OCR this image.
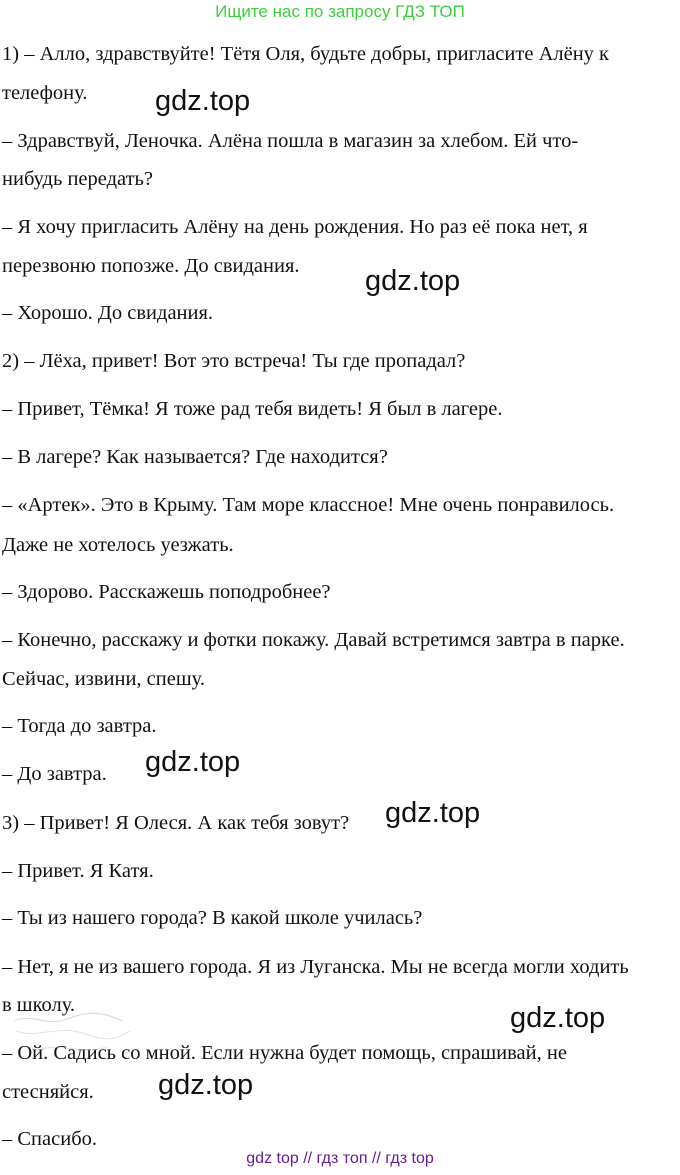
Ищите нас по запросу ГДЗ ТОП
1) – Алло, здравствуйте! Тётя Оля, будьте добры, пригласите Алёну к
телефону.
– Здравствуй, Леночка. Алёна пошла в магазин за хлебом. Ей что-
нибудь передать?
– Я хочу пригласить Алёну на день рождения. Но раз её пока нет, я
перезвоню попозже. До свидания.
– Хорошо. До свидания.
2) – Лёха, привет! Вот это встреча! Ты где пропадал?
– Привет, Тёмка! Я тоже рад тебя видеть! Я был в лагере.
– В лагере? Как называется? Где находится?
– «Артек». Это в Крыму. Там море классное! Мне очень понравилось.
Даже не хотелось уезжать.
– Здорово. Расскажешь поподробнее?
– Конечно, расскажу и фотки покажу. Давай встретимся завтра в парке.
Сейчас, извини, спешу.
– Тогда до завтра.
– До завтра.
3) – Привет! Я Олеся. А как тебя зовут?
– Привет. Я Катя.
– Ты из нашего города? В какой школе училась?
– Нет, я не из вашего города. Я из Луганска. Мы не всегда могли ходить
в школу.
– Ой. Садись со мной. Если нужна будет помощь, спрашивай, не
стесняйся.
– Спасибо.
gdz.top
gdz.top
gdz.top
gdz.top
gdz.top
gdz.top
gdz top // гдз топ // гдз top
